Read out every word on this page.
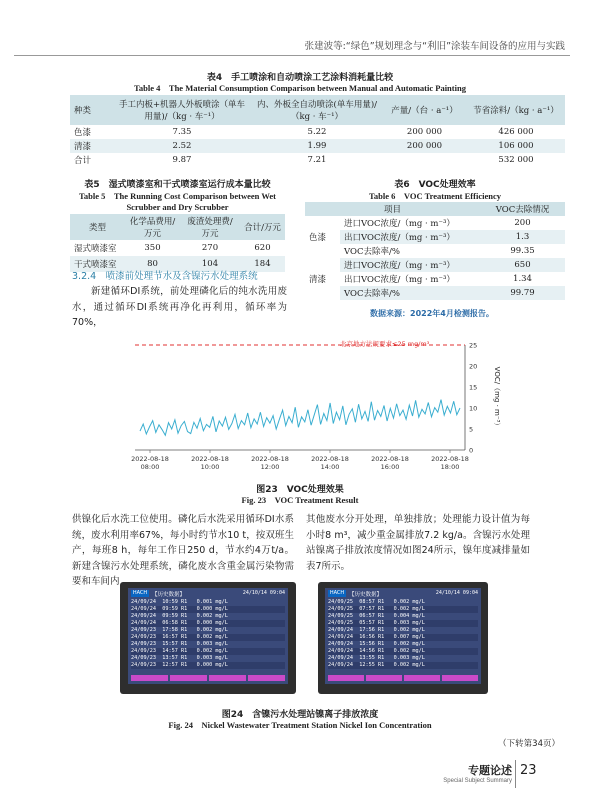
张建波等:“绿色”规划理念与“利旧”涂装车间设备的应用与实践
表4　手工喷涂和自动喷涂工艺涂料消耗量比较
Table 4　The Material Consumption Comparison between Manual and Automatic Painting
种类	手工内板+机器人外板喷涂（单车用量)/（kg · 车⁻¹）	内、外板全自动喷涂(单车用量)/（kg · 车⁻¹）	产量/（台 · a⁻¹）	节省涂料/（kg · a⁻¹）
色漆	7.35	5.22	200 000	426 000
清漆	2.52	1.99	200 000	106 000
合计	9.87	7.21		532 000
表5　湿式喷漆室和干式喷漆室运行成本量比较
Table 5　The Running Cost Comparison between Wet
Scrubber and Dry Scrubber
类型	化学品费用/万元	废渣处理费/万元	合计/万元
湿式喷漆室	350	270	620
干式喷漆室	80	104	184
表6　VOC处理效率
Table 6　VOC Treatment Efficiency
项目		VOC去除情况
色漆	进口VOC浓度/（mg · m⁻³）	200
	出口VOC浓度/（mg · m⁻³）	1.3
	VOC去除率/%	99.35
清漆	进口VOC浓度/（mg · m⁻³）	650
	出口VOC浓度/（mg · m⁻³）	1.34
	VOC去除率/%	99.79
数据来源：2022年4月检测报告。
3.2.4　喷漆前处理节水及含镍污水处理系统
新建循环DI系统，前处理磷化后的纯水洗用废水，通过循环DI系统再净化再利用，循环率为70%，
北京地方法规要求≤25 mg/m³
0
5
10
15
20
25
2022-08-18
08:00
2022-08-18
10:00
2022-08-18
12:00
2022-08-18
14:00
2022-08-18
16:00
2022-08-18
18:00
VOC/（mg · m⁻³）
图23　VOC处理效果
Fig. 23　VOC Treatment Result
供镍化后水洗工位使用。磷化后水洗采用循环DI水系统，废水利用率67%，每小时约节水10 t，按双班生产，每班8 h，每年工作日250 d，节水约4万t/a。新建含镍污水处理系统，磷化废水含重金属污染物需要和车间内
其他废水分开处理，单独排放；处理能力设计值为每小时8 m³，减少重金属排放7.2 kg/a。含镍污水处理站镍离子排放浓度情况如图24所示，镍年度减排量如表7所示。
HACH 【历史数据】	24/10/14 09:04
24/09/24  10:59 R1   0.001 mg/L
24/09/24  09:59 R1   0.000 mg/L
24/09/24  09:59 R1   0.002 mg/L
24/09/24  06:58 R1   0.000 mg/L
24/09/23  17:58 R1   0.002 mg/L
24/09/23  16:57 R1   0.002 mg/L
24/09/23  15:57 R1   0.003 mg/L
24/09/23  14:57 R1   0.002 mg/L
24/09/23  13:57 R1   0.003 mg/L
24/09/23  12:57 R1   0.000 mg/L
HACH 【历史数据】	24/10/14 09:04
24/09/25  08:57 R1   0.002 mg/L
24/09/25  07:57 R1   0.002 mg/L
24/09/25  06:57 R1   0.004 mg/L
24/09/25  05:57 R1   0.003 mg/L
24/09/24  17:56 R1   0.002 mg/L
24/09/24  16:56 R1   0.007 mg/L
24/09/24  15:56 R1   0.002 mg/L
24/09/24  14:56 R1   0.002 mg/L
24/09/24  13:55 R1   0.003 mg/L
24/09/24  12:55 R1   0.002 mg/L
图24　含镍污水处理站镍离子排放浓度
Fig. 24　Nickel Wastewater Treatment Station Nickel Ion Concentration
（下转第34页）
专题论述
Special Subject Summary
23
